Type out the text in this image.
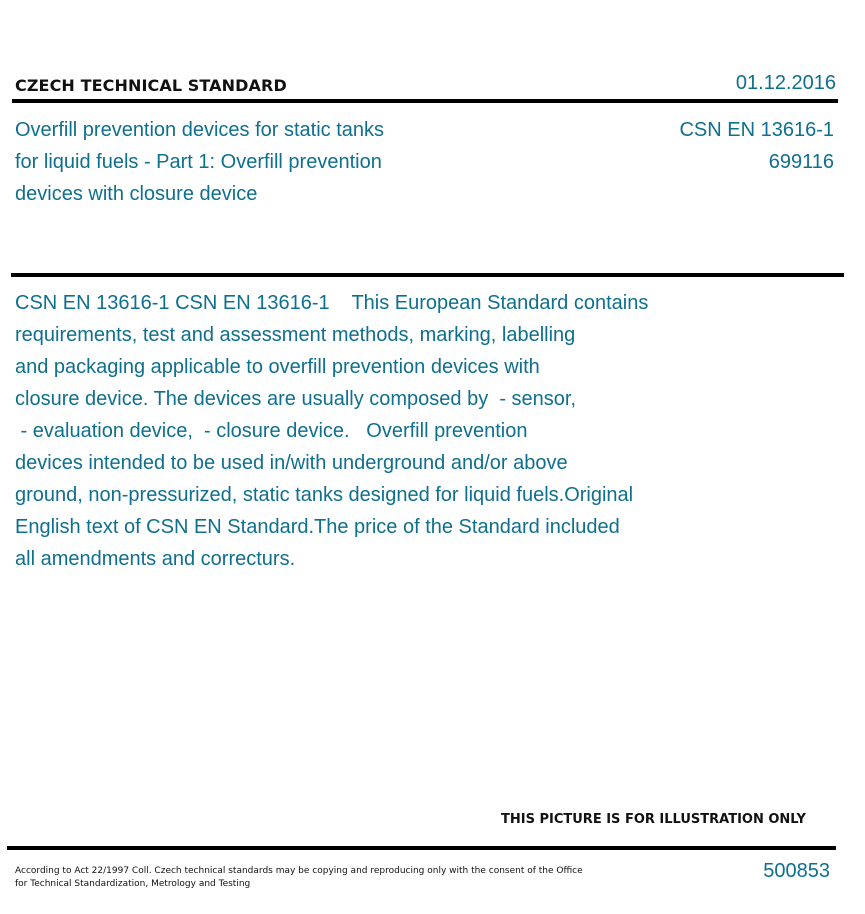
CZECH TECHNICAL STANDARD	01.12.2016
Overfill prevention devices for static tanks
for liquid fuels - Part 1: Overfill prevention
devices with closure device
CSN EN 13616-1
699116
CSN EN 13616-1 CSN EN 13616-1    This European Standard contains
requirements, test and assessment methods, marking, labelling
and packaging applicable to overfill prevention devices with
closure device. The devices are usually composed by  - sensor,
- evaluation device,  - closure device.   Overfill prevention
devices intended to be used in/with underground and/or above
ground, non-pressurized, static tanks designed for liquid fuels.Original
English text of CSN EN Standard.The price of the Standard included
all amendments and correcturs.
THIS PICTURE IS FOR ILLUSTRATION ONLY
According to Act 22/1997 Coll. Czech technical standards may be copying and reproducing only with the consent of the Office
for Technical Standardization, Metrology and Testing
500853
